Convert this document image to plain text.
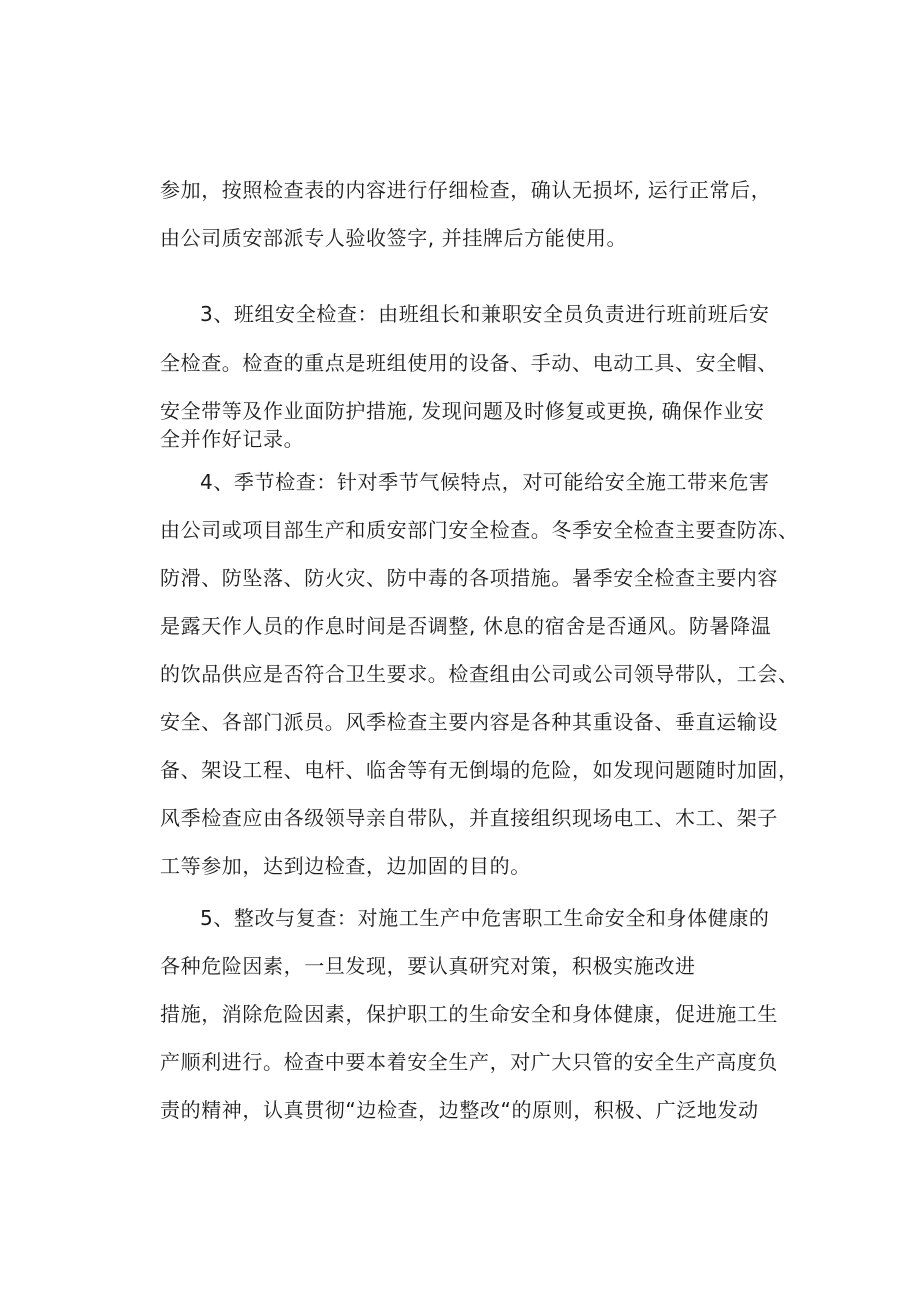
参加，按照检查表的内容进行仔细检查，确认无损坏, 运行正常后，
由公司质安部派专人验收签字, 并挂牌后方能使用。
3、班组安全检查：由班组长和兼职安全员负责进行班前班后安
全检查。检查的重点是班组使用的设备、手动、电动工具、安全帽、
安全带等及作业面防护措施, 发现问题及时修复或更换, 确保作业安
全并作好记录。
4、季节检查：针对季节气候特点，对可能给安全施工带来危害
由公司或项目部生产和质安部门安全检查。冬季安全检查主要查防冻、
防滑、防坠落、防火灾、防中毒的各项措施。暑季安全检查主要内容
是露天作人员的作息时间是否调整, 休息的宿舍是否通风。防暑降温
的饮品供应是否符合卫生要求。检查组由公司或公司领导带队，工会、
安全、各部门派员。风季检查主要内容是各种其重设备、垂直运输设
备、架设工程、电杆、临舍等有无倒塌的危险，如发现问题随时加固，
风季检查应由各级领导亲自带队，并直接组织现场电工、木工、架子
工等参加，达到边检查，边加固的目的。
5、整改与复查：对施工生产中危害职工生命安全和身体健康的
各种危险因素，一旦发现，要认真研究对策，积极实施改进
措施，消除危险因素，保护职工的生命安全和身体健康，促进施工生
产顺利进行。检查中要本着安全生产，对广大只管的安全生产高度负
责的精神，认真贯彻“边检查，边整改“的原则，积极、广泛地发动
